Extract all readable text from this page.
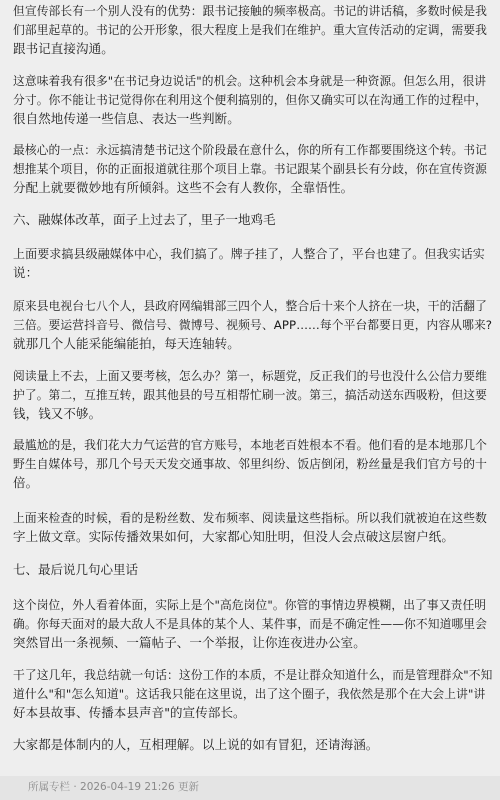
但宣传部长有一个别人没有的优势：跟书记接触的频率极高。书记的讲话稿，多数时候是我
们部里起草的。书记的公开形象，很大程度上是我们在维护。重大宣传活动的定调，需要我
跟书记直接沟通。
这意味着我有很多"在书记身边说话"的机会。这种机会本身就是一种资源。但怎么用，很讲
分寸。你不能让书记觉得你在利用这个便利搞别的，但你又确实可以在沟通工作的过程中，
很自然地传递一些信息、表达一些判断。
最核心的一点：永远搞清楚书记这个阶段最在意什么，你的所有工作都要围绕这个转。书记
想推某个项目，你的正面报道就往那个项目上靠。书记跟某个副县长有分歧，你在宣传资源
分配上就要微妙地有所倾斜。这些不会有人教你，全靠悟性。
六、融媒体改革，面子上过去了，里子一地鸡毛
上面要求搞县级融媒体中心，我们搞了。牌子挂了，人整合了，平台也建了。但我实话实
说：
原来县电视台七八个人，县政府网编辑部三四个人，整合后十来个人挤在一块，干的活翻了
三倍。要运营抖音号、微信号、微博号、视频号、APP……每个平台都要日更，内容从哪来?
就那几个人能采能编能拍，每天连轴转。
阅读量上不去，上面又要考核，怎么办？第一，标题党，反正我们的号也没什么公信力要维
护了。第二，互推互转，跟其他县的号互相帮忙刷一波。第三，搞活动送东西吸粉，但这要
钱，钱又不够。
最尴尬的是，我们花大力气运营的官方账号，本地老百姓根本不看。他们看的是本地那几个
野生自媒体号，那几个号天天发交通事故、邻里纠纷、饭店倒闭，粉丝量是我们官方号的十
倍。
上面来检查的时候，看的是粉丝数、发布频率、阅读量这些指标。所以我们就被迫在这些数
字上做文章。实际传播效果如何，大家都心知肚明，但没人会点破这层窗户纸。
七、最后说几句心里话
这个岗位，外人看着体面，实际上是个"高危岗位"。你管的事情边界模糊，出了事又责任明
确。你每天面对的最大敌人不是具体的某个人、某件事，而是不确定性——你不知道哪里会
突然冒出一条视频、一篇帖子、一个举报，让你连夜进办公室。
干了这几年，我总结就一句话：这份工作的本质，不是让群众知道什么，而是管理群众"不知
道什么"和"怎么知道"。这话我只能在这里说，出了这个圈子，我依然是那个在大会上讲"讲
好本县故事、传播本县声音"的宣传部长。
大家都是体制内的人，互相理解。以上说的如有冒犯，还请海涵。
所属专栏 · 2026-04-19 21:26 更新
